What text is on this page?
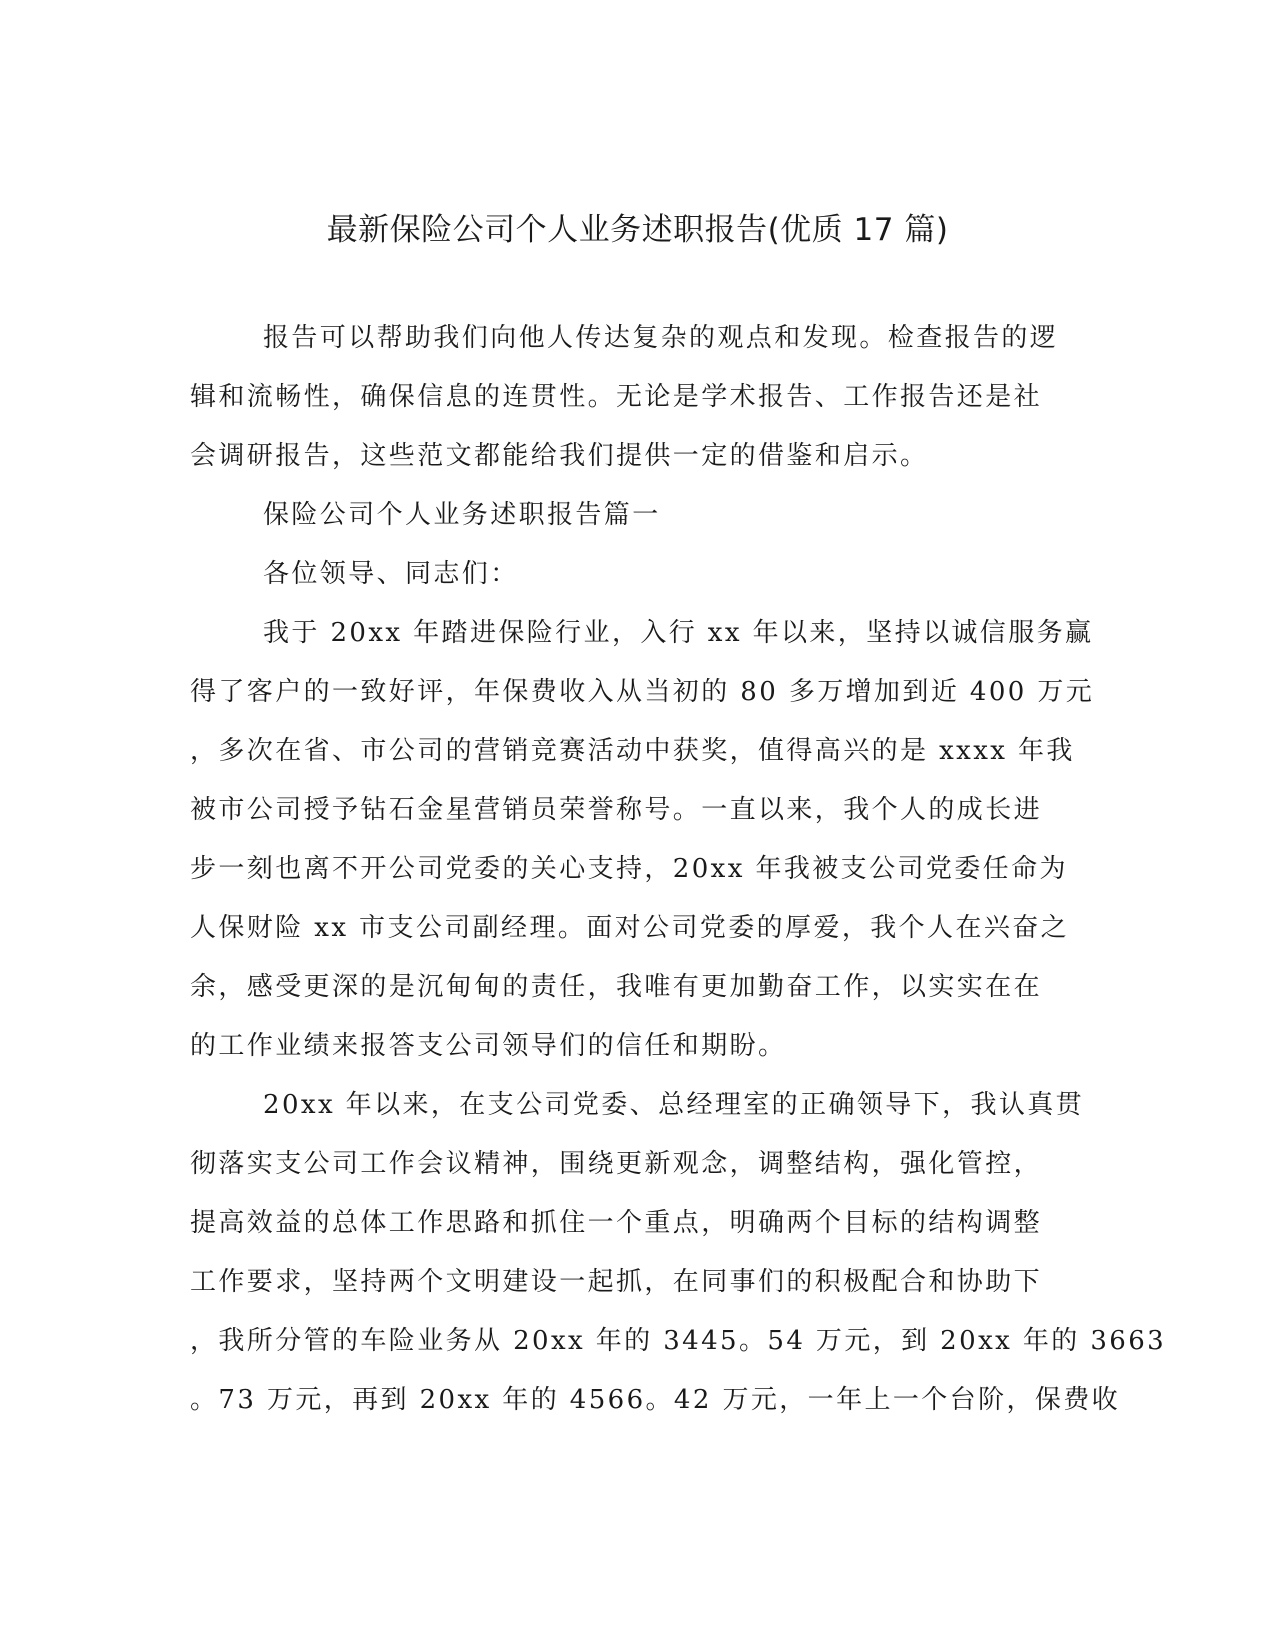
最新保险公司个人业务述职报告(优质 17 篇)
报告可以帮助我们向他人传达复杂的观点和发现。检查报告的逻
辑和流畅性，确保信息的连贯性。无论是学术报告、工作报告还是社
会调研报告，这些范文都能给我们提供一定的借鉴和启示。
保险公司个人业务述职报告篇一
各位领导、同志们：
我于 20xx 年踏进保险行业，入行 xx 年以来，坚持以诚信服务赢
得了客户的一致好评，年保费收入从当初的 80 多万增加到近 400 万元
，多次在省、市公司的营销竞赛活动中获奖，值得高兴的是 xxxx 年我
被市公司授予钻石金星营销员荣誉称号。一直以来，我个人的成长进
步一刻也离不开公司党委的关心支持，20xx 年我被支公司党委任命为
人保财险 xx 市支公司副经理。面对公司党委的厚爱，我个人在兴奋之
余，感受更深的是沉甸甸的责任，我唯有更加勤奋工作，以实实在在
的工作业绩来报答支公司领导们的信任和期盼。
20xx 年以来，在支公司党委、总经理室的正确领导下，我认真贯
彻落实支公司工作会议精神，围绕更新观念，调整结构，强化管控，
提高效益的总体工作思路和抓住一个重点，明确两个目标的结构调整
工作要求，坚持两个文明建设一起抓，在同事们的积极配合和协助下
，我所分管的车险业务从 20xx 年的 3445。54 万元，到 20xx 年的 3663
。73 万元，再到 20xx 年的 4566。42 万元，一年上一个台阶，保费收
